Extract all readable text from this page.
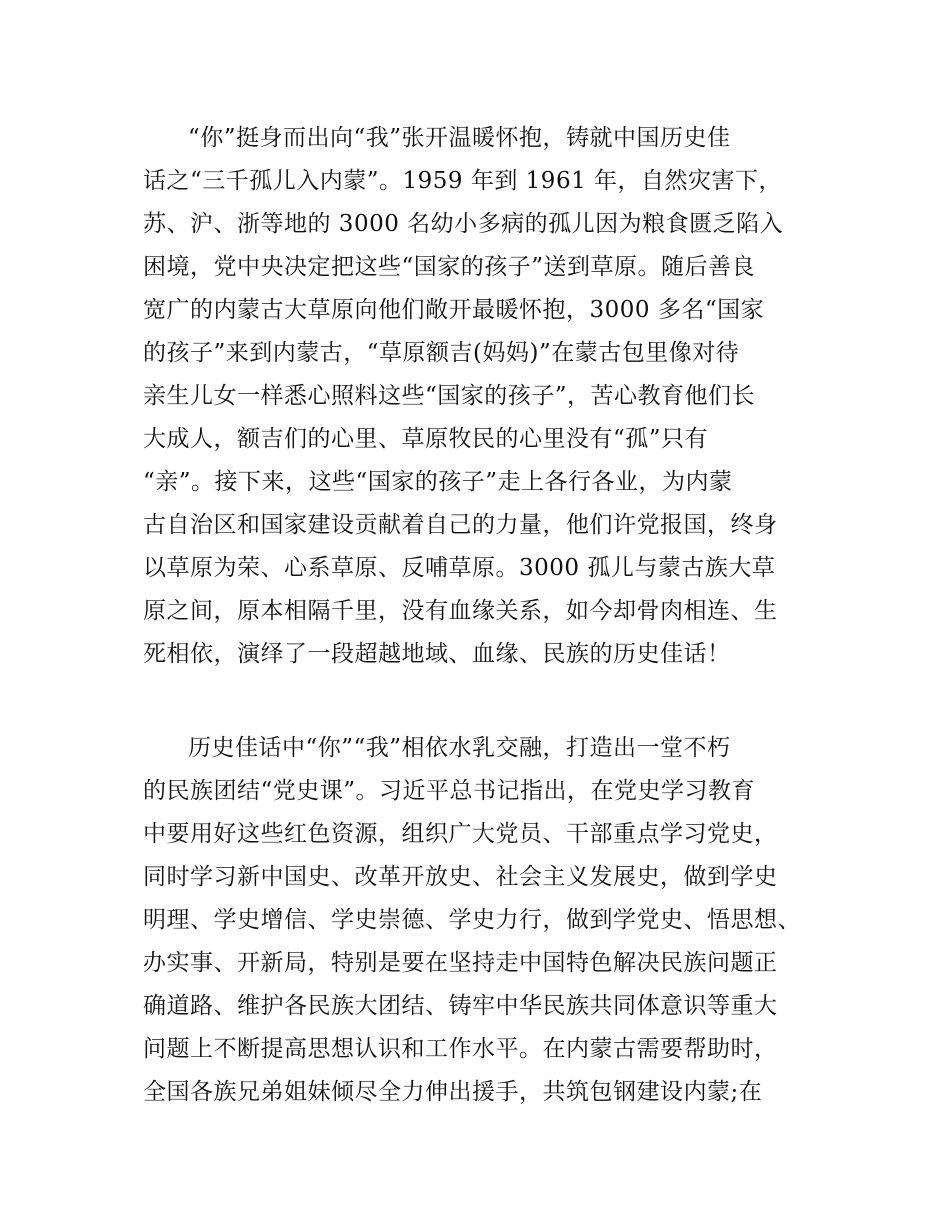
“你”挺身而出向“我”张开温暖怀抱，铸就中国历史佳
话之“三千孤儿入内蒙”。1959 年到 1961 年，自然灾害下，
苏、沪、浙等地的 3000 名幼小多病的孤儿因为粮食匮乏陷入
困境，党中央决定把这些“国家的孩子”送到草原。随后善良
宽广的内蒙古大草原向他们敞开最暖怀抱，3000 多名“国家
的孩子”来到内蒙古，“草原额吉(妈妈)”在蒙古包里像对待
亲生儿女一样悉心照料这些“国家的孩子”，苦心教育他们长
大成人，额吉们的心里、草原牧民的心里没有“孤”只有
“亲”。接下来，这些“国家的孩子”走上各行各业，为内蒙
古自治区和国家建设贡献着自己的力量，他们许党报国，终身
以草原为荣、心系草原、反哺草原。3000 孤儿与蒙古族大草
原之间，原本相隔千里，没有血缘关系，如今却骨肉相连、生
死相依，演绎了一段超越地域、血缘、民族的历史佳话！
历史佳话中“你”“我”相依水乳交融，打造出一堂不朽
的民族团结“党史课”。习近平总书记指出，在党史学习教育
中要用好这些红色资源，组织广大党员、干部重点学习党史，
同时学习新中国史、改革开放史、社会主义发展史，做到学史
明理、学史增信、学史崇德、学史力行，做到学党史、悟思想、
办实事、开新局，特别是要在坚持走中国特色解决民族问题正
确道路、维护各民族大团结、铸牢中华民族共同体意识等重大
问题上不断提高思想认识和工作水平。在内蒙古需要帮助时，
全国各族兄弟姐妹倾尽全力伸出援手，共筑包钢建设内蒙;在
